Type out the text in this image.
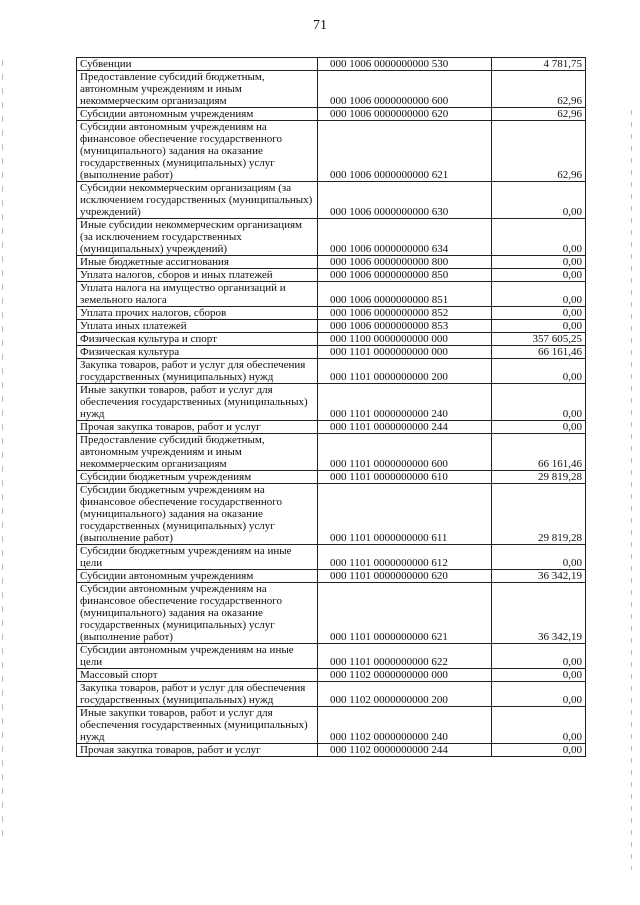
71
Субвенции	000 1006 0000000000 530	4 781,75
Предоставление субсидий бюджетным, автономным учреждениям и иным некоммерческим организациям	000 1006 0000000000 600	62,96
Субсидии автономным учреждениям	000 1006 0000000000 620	62,96
Субсидии автономным учреждениям на финансовое обеспечение государственного (муниципального) задания на оказание государственных (муниципальных) услуг (выполнение работ)	000 1006 0000000000 621	62,96
Субсидии некоммерческим организациям (за исключением государственных (муниципальных) учреждений)	000 1006 0000000000 630	0,00
Иные субсидии некоммерческим организациям (за исключением государственных (муниципальных) учреждений)	000 1006 0000000000 634	0,00
Иные бюджетные ассигнования	000 1006 0000000000 800	0,00
Уплата налогов, сборов и иных платежей	000 1006 0000000000 850	0,00
Уплата налога на имущество организаций и земельного налога	000 1006 0000000000 851	0,00
Уплата прочих налогов, сборов	000 1006 0000000000 852	0,00
Уплата иных платежей	000 1006 0000000000 853	0,00
Физическая культура и спорт	000 1100 0000000000 000	357 605,25
Физическая культура	000 1101 0000000000 000	66 161,46
Закупка товаров, работ и услуг для обеспечения государственных (муниципальных) нужд	000 1101 0000000000 200	0,00
Иные закупки товаров, работ и услуг для обеспечения государственных (муниципальных) нужд	000 1101 0000000000 240	0,00
Прочая закупка товаров, работ и услуг	000 1101 0000000000 244	0,00
Предоставление субсидий бюджетным, автономным учреждениям и иным некоммерческим организациям	000 1101 0000000000 600	66 161,46
Субсидии бюджетным учреждениям	000 1101 0000000000 610	29 819,28
Субсидии бюджетным учреждениям на финансовое обеспечение государственного (муниципального) задания на оказание государственных (муниципальных) услуг (выполнение работ)	000 1101 0000000000 611	29 819,28
Субсидии бюджетным учреждениям на иные цели	000 1101 0000000000 612	0,00
Субсидии автономным учреждениям	000 1101 0000000000 620	36 342,19
Субсидии автономным учреждениям на финансовое обеспечение государственного (муниципального) задания на оказание государственных (муниципальных) услуг (выполнение работ)	000 1101 0000000000 621	36 342,19
Субсидии автономным учреждениям на иные цели	000 1101 0000000000 622	0,00
Массовый спорт	000 1102 0000000000 000	0,00
Закупка товаров, работ и услуг для обеспечения государственных (муниципальных) нужд	000 1102 0000000000 200	0,00
Иные закупки товаров, работ и услуг для обеспечения государственных (муниципальных) нужд	000 1102 0000000000 240	0,00
Прочая закупка товаров, работ и услуг	000 1102 0000000000 244	0,00
